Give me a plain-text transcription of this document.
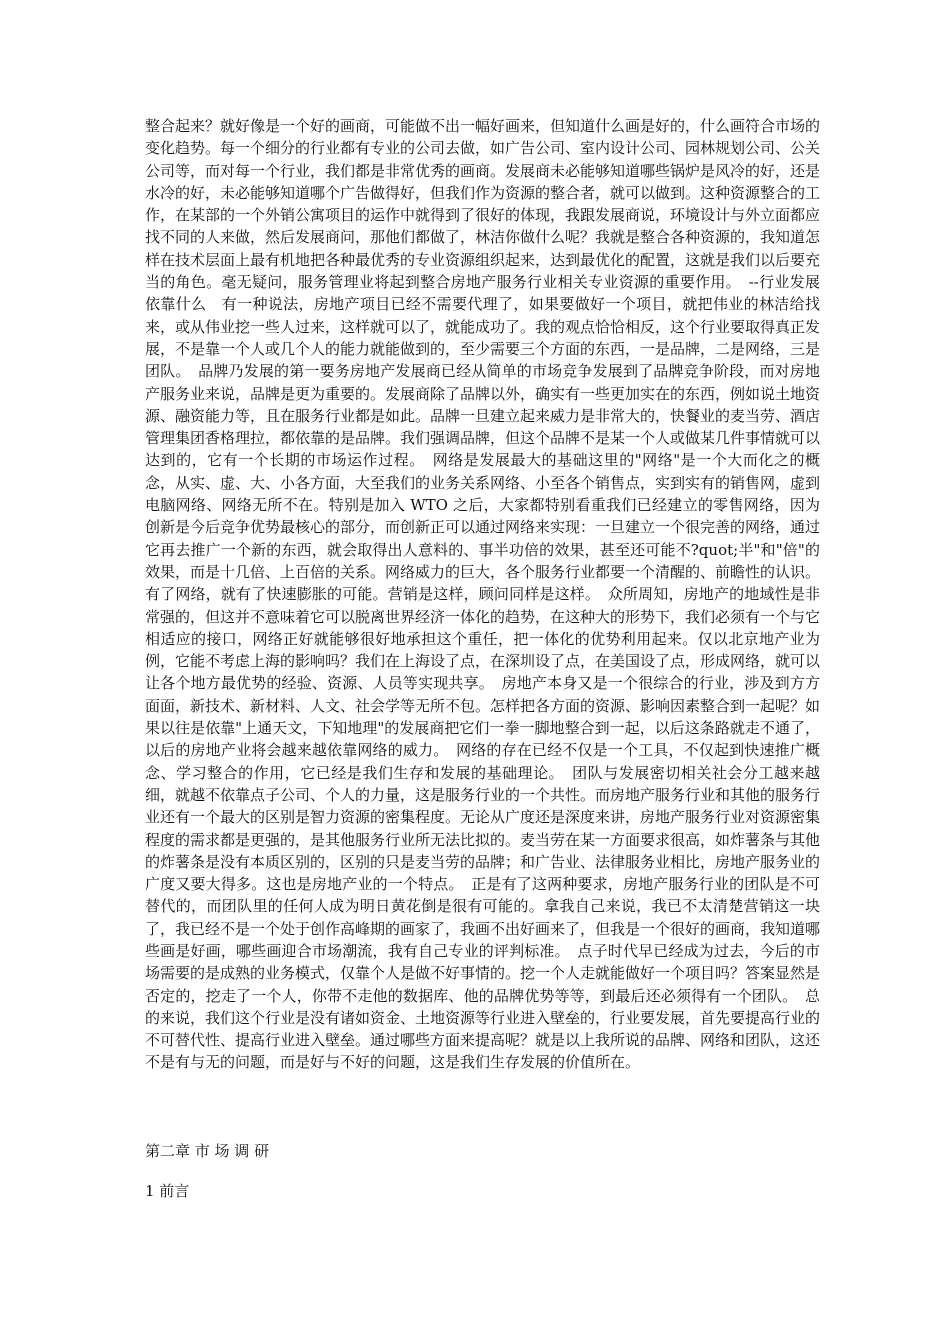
整合起来？就好像是一个好的画商，可能做不出一幅好画来，但知道什么画是好的，什么画符合市场的变化趋势。每一个细分的行业都有专业的公司去做，如广告公司、室内设计公司、园林规划公司、公关公司等，而对每一个行业，我们都是非常优秀的画商。发展商未必能够知道哪些锅炉是风冷的好，还是水冷的好，未必能够知道哪个广告做得好，但我们作为资源的整合者，就可以做到。这种资源整合的工作，在某部的一个外销公寓项目的运作中就得到了很好的体现，我跟发展商说，环境设计与外立面都应找不同的人来做，然后发展商问，那他们都做了，林洁你做什么呢？我就是整合各种资源的，我知道怎样在技术层面上最有机地把各种最优秀的专业资源组织起来，达到最优化的配置，这就是我们以后要充当的角色。毫无疑问，服务管理业将起到整合房地产服务行业相关专业资源的重要作用。　--行业发展依靠什么　有一种说法，房地产项目已经不需要代理了，如果要做好一个项目，就把伟业的林洁给找来，或从伟业挖一些人过来，这样就可以了，就能成功了。我的观点恰恰相反，这个行业要取得真正发展，不是靠一个人或几个人的能力就能做到的，至少需要三个方面的东西，一是品牌，二是网络，三是团队。　品牌乃发展的第一要务房地产发展商已经从简单的市场竞争发展到了品牌竞争阶段，而对房地产服务业来说，品牌是更为重要的。发展商除了品牌以外，确实有一些更加实在的东西，例如说土地资源、融资能力等，且在服务行业都是如此。品牌一旦建立起来威力是非常大的，快餐业的麦当劳、酒店管理集团香格理拉，都依靠的是品牌。我们强调品牌，但这个品牌不是某一个人或做某几件事情就可以达到的，它有一个长期的市场运作过程。　网络是发展最大的基础这里的"网络"是一个大而化之的概念，从实、虚、大、小各方面，大至我们的业务关系网络、小至各个销售点，实到实有的销售网，虚到电脑网络、网络无所不在。特别是加入 WTO 之后，大家都特别看重我们已经建立的零售网络，因为创新是今后竞争优势最核心的部分，而创新正可以通过网络来实现：一旦建立一个很完善的网络，通过它再去推广一个新的东西，就会取得出人意料的、事半功倍的效果，甚至还可能不?quot;半"和"倍"的效果，而是十几倍、上百倍的关系。网络威力的巨大，各个服务行业都要一个清醒的、前瞻性的认识。有了网络，就有了快速膨胀的可能。营销是这样，顾问同样是这样。　众所周知，房地产的地域性是非常强的，但这并不意味着它可以脱离世界经济一体化的趋势，在这种大的形势下，我们必须有一个与它相适应的接口，网络正好就能够很好地承担这个重任，把一体化的优势利用起来。仅以北京地产业为例，它能不考虑上海的影响吗？我们在上海设了点，在深圳设了点，在美国设了点，形成网络，就可以让各个地方最优势的经验、资源、人员等实现共享。　房地产本身又是一个很综合的行业，涉及到方方面面，新技术、新材料、人文、社会学等无所不包。怎样把各方面的资源、影响因素整合到一起呢？如果以往是依靠"上通天文，下知地理"的发展商把它们一拳一脚地整合到一起，以后这条路就走不通了，以后的房地产业将会越来越依靠网络的威力。　网络的存在已经不仅是一个工具，不仅起到快速推广概念、学习整合的作用，它已经是我们生存和发展的基础理论。　团队与发展密切相关社会分工越来越细，就越不依靠点子公司、个人的力量，这是服务行业的一个共性。而房地产服务行业和其他的服务行业还有一个最大的区别是智力资源的密集程度。无论从广度还是深度来讲，房地产服务行业对资源密集程度的需求都是更强的，是其他服务行业所无法比拟的。麦当劳在某一方面要求很高，如炸薯条与其他的炸薯条是没有本质区别的，区别的只是麦当劳的品牌；和广告业、法律服务业相比，房地产服务业的广度又要大得多。这也是房地产业的一个特点。　正是有了这两种要求，房地产服务行业的团队是不可替代的，而团队里的任何人成为明日黄花倒是很有可能的。拿我自己来说，我已不太清楚营销这一块了，我已经不是一个处于创作高峰期的画家了，我画不出好画来了，但我是一个很好的画商，我知道哪些画是好画，哪些画迎合市场潮流，我有自己专业的评判标准。　点子时代早已经成为过去，今后的市场需要的是成熟的业务模式，仅靠个人是做不好事情的。挖一个人走就能做好一个项目吗？答案显然是否定的，挖走了一个人，你带不走他的数据库、他的品牌优势等等，到最后还必须得有一个团队。　总的来说，我们这个行业是没有诸如资金、土地资源等行业进入壁垒的，行业要发展，首先要提高行业的不可替代性、提高行业进入壁垒。通过哪些方面来提高呢？就是以上我所说的品牌、网络和团队，这还不是有与无的问题，而是好与不好的问题，这是我们生存发展的价值所在。

第二章 市 场 调 研

1 前言
